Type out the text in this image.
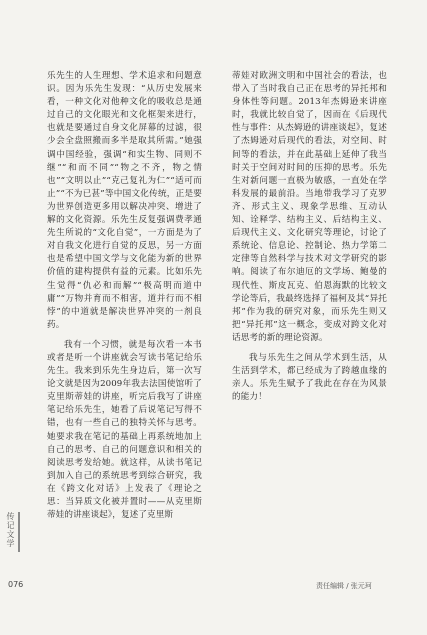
乐先生的人生理想、学术追求和问题意识。因为乐先生发现：“从历史发展来看，一种文化对他种文化的吸收总是通过自己的文化眼光和文化框架来进行，也就是要通过自身文化屏幕的过滤，很少会全盘照搬而多半是取其所需。”她强调中国经验，强调“和实生物、同则不继”“和而不同”“物之不齐，物之情也”“文明以止”“克己复礼为仁”“适可而止”“不为已甚”等中国文化传统，正是要为世界创造更多用以解决冲突、增进了解的文化资源。乐先生反复强调费孝通先生所说的“文化自觉”，一方面是为了对自我文化进行自觉的反思，另一方面也是希望中国文学与文化能为新的世界价值的建构提供有益的元素。比如乐先生觉得“仇必和而解”“极高明而道中庸”“万物并育而不相害，道并行而不相悖”的中道就是解决世界冲突的一剂良药。

我有一个习惯，就是每次看一本书或者是听一个讲座就会写读书笔记给乐先生。我来到乐先生身边后，第一次写论文就是因为2009年我去法国使馆听了克里斯蒂娃的讲座，听完后我写了讲座笔记给乐先生，她看了后说笔记写得不错，也有一些自己的独特关怀与思考。她要求我在笔记的基础上再系统地加上自己的思考、自己的问题意识和相关的阅读思考发给她。就这样，从读书笔记到加入自己的系统思考到综合研究，我在《跨文化对话》上发表了《理论之思：当异质文化被并置时——从克里斯蒂娃的讲座谈起》，复述了克里斯

蒂娃对欧洲文明和中国社会的看法，也带入了当时我自己正在思考的异托邦和身体性等问题。2013年杰姆逊来讲座时，我就比较自觉了，因而在《后现代性与事件：从杰姆逊的讲座谈起》，复述了杰姆逊对后现代的看法，对空间、时间等的看法，并在此基础上延伸了我当时关于空间对时间的压抑的思考。乐先生对新问题一直极为敏感，一直处在学科发展的最前沿。当地带我学习了克罗齐、形式主义、现象学思维、互动认知、诠释学、结构主义、后结构主义、后现代主义、文化研究等理论，讨论了系统论、信息论、控制论、热力学第二定律等自然科学与技术对文学研究的影响。阅读了布尔迪厄的文学场、鲍曼的现代性、斯皮瓦克、伯恩海默的比较文学论等后，我最终选择了福柯及其“异托邦”作为我的研究对象，而乐先生则又把“异托邦”这一概念，变成对跨文化对话思考的新的理论资源。

我与乐先生之间从学术到生活，从生活到学术，都已经成为了跨越血缘的亲人。乐先生赋予了我此在存在为风景的能力！

传记文学
076	责任编辑 / 张元珂
